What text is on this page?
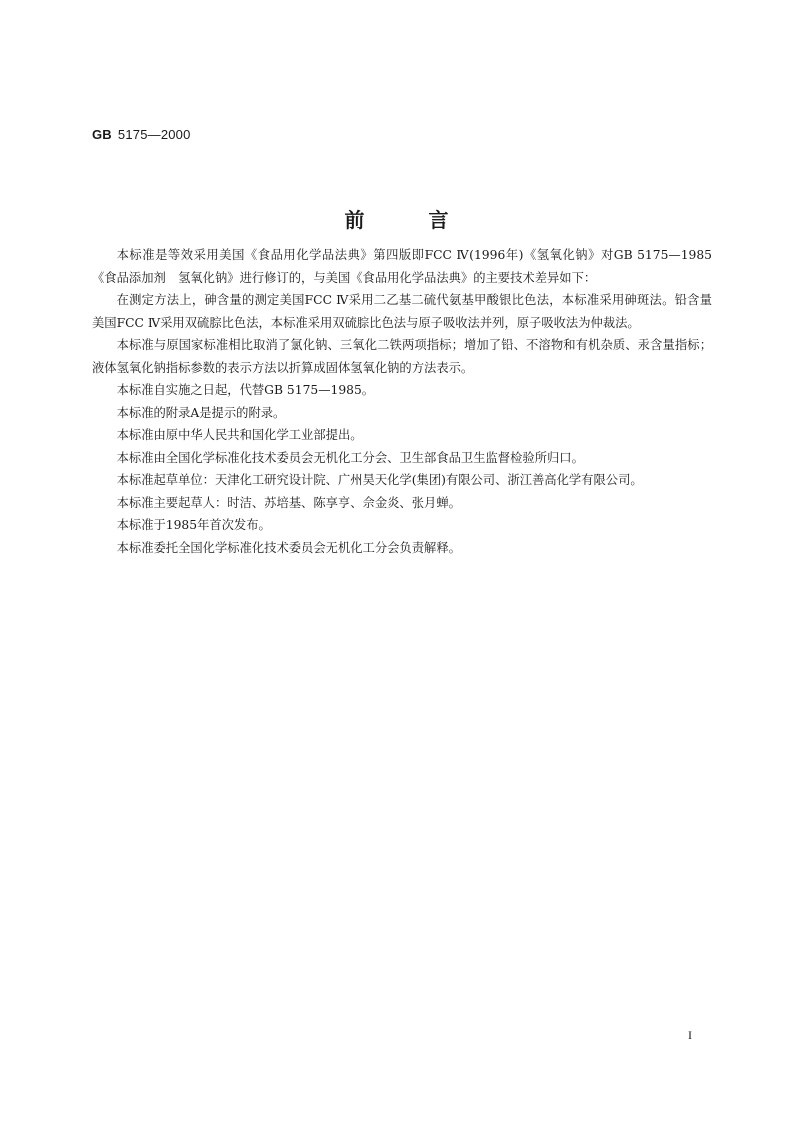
GB 5175—2000
前　　　言

本标准是等效采用美国《食品用化学品法典》第四版即FCC Ⅳ(1996年)《氢氧化钠》对GB 5175—1985《食品添加剂　氢氧化钠》进行修订的，与美国《食品用化学品法典》的主要技术差异如下：

在测定方法上，砷含量的测定美国FCC Ⅳ采用二乙基二硫代氨基甲酸银比色法，本标准采用砷斑法。铅含量美国FCC Ⅳ采用双硫腙比色法，本标准采用双硫腙比色法与原子吸收法并列，原子吸收法为仲裁法。

本标准与原国家标准相比取消了氯化钠、三氧化二铁两项指标；增加了铅、不溶物和有机杂质、汞含量指标；液体氢氧化钠指标参数的表示方法以折算成固体氢氧化钠的方法表示。

本标准自实施之日起，代替GB 5175—1985。

本标准的附录A是提示的附录。

本标准由原中华人民共和国化学工业部提出。

本标准由全国化学标准化技术委员会无机化工分会、卫生部食品卫生监督检验所归口。

本标准起草单位：天津化工研究设计院、广州昊天化学(集团)有限公司、浙江善高化学有限公司。

本标准主要起草人：时洁、苏培基、陈享亨、佘金炎、张月蝉。

本标准于1985年首次发布。

本标准委托全国化学标准化技术委员会无机化工分会负责解释。

I
